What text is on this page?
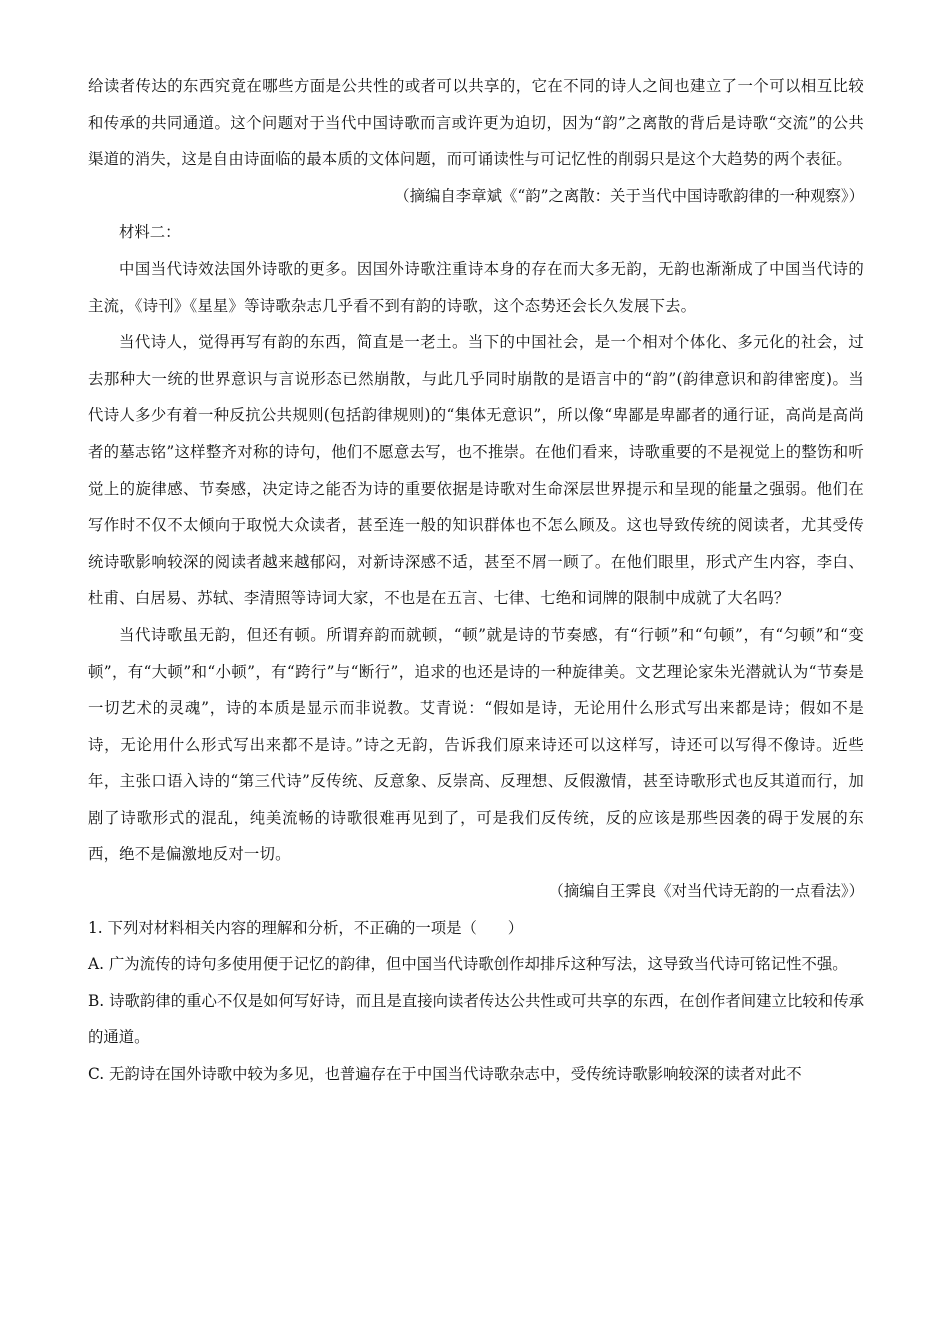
给读者传达的东西究竟在哪些方面是公共性的或者可以共享的，它在不同的诗人之间也建立了一个可以相互比较和传承的共同通道。这个问题对于当代中国诗歌而言或许更为迫切，因为“韵”之离散的背后是诗歌“交流”的公共渠道的消失，这是自由诗面临的最本质的文体问题，而可诵读性与可记忆性的削弱只是这个大趋势的两个表征。

（摘编自李章斌《“韵”之离散：关于当代中国诗歌韵律的一种观察》）

材料二：

中国当代诗效法国外诗歌的更多。因国外诗歌注重诗本身的存在而大多无韵，无韵也渐渐成了中国当代诗的主流，《诗刊》《星星》等诗歌杂志几乎看不到有韵的诗歌，这个态势还会长久发展下去。

当代诗人，觉得再写有韵的东西，简直是一老土。当下的中国社会，是一个相对个体化、多元化的社会，过去那种大一统的世界意识与言说形态已然崩散，与此几乎同时崩散的是语言中的“韵”(韵律意识和韵律密度)。当代诗人多少有着一种反抗公共规则(包括韵律规则)的“集体无意识”，所以像“卑鄙是卑鄙者的通行证，高尚是高尚者的墓志铭”这样整齐对称的诗句，他们不愿意去写，也不推崇。在他们看来，诗歌重要的不是视觉上的整饬和听觉上的旋律感、节奏感，决定诗之能否为诗的重要依据是诗歌对生命深层世界提示和呈现的能量之强弱。他们在写作时不仅不太倾向于取悦大众读者，甚至连一般的知识群体也不怎么顾及。这也导致传统的阅读者，尤其受传统诗歌影响较深的阅读者越来越郁闷，对新诗深感不适，甚至不屑一顾了。在他们眼里，形式产生内容，李白、杜甫、白居易、苏轼、李清照等诗词大家，不也是在五言、七律、七绝和词牌的限制中成就了大名吗？

当代诗歌虽无韵，但还有顿。所谓弃韵而就顿，“顿”就是诗的节奏感，有“行顿”和“句顿”，有“匀顿”和“变顿”，有“大顿”和“小顿”，有“跨行”与“断行”，追求的也还是诗的一种旋律美。文艺理论家朱光潜就认为“节奏是一切艺术的灵魂”，诗的本质是显示而非说教。艾青说：“假如是诗，无论用什么形式写出来都是诗；假如不是诗，无论用什么形式写出来都不是诗。”诗之无韵，告诉我们原来诗还可以这样写，诗还可以写得不像诗。近些年，主张口语入诗的“第三代诗”反传统、反意象、反崇高、反理想、反假激情，甚至诗歌形式也反其道而行，加剧了诗歌形式的混乱，纯美流畅的诗歌很难再见到了，可是我们反传统，反的应该是那些因袭的碍于发展的东西，绝不是偏激地反对一切。

（摘编自王霁良《对当代诗无韵的一点看法》）

1. 下列对材料相关内容的理解和分析，不正确的一项是（　　）

A. 广为流传的诗句多使用便于记忆的韵律，但中国当代诗歌创作却排斥这种写法，这导致当代诗可铭记性不强。

B. 诗歌韵律的重心不仅是如何写好诗，而且是直接向读者传达公共性或可共享的东西，在创作者间建立比较和传承的通道。

C. 无韵诗在国外诗歌中较为多见，也普遍存在于中国当代诗歌杂志中，受传统诗歌影响较深的读者对此不
